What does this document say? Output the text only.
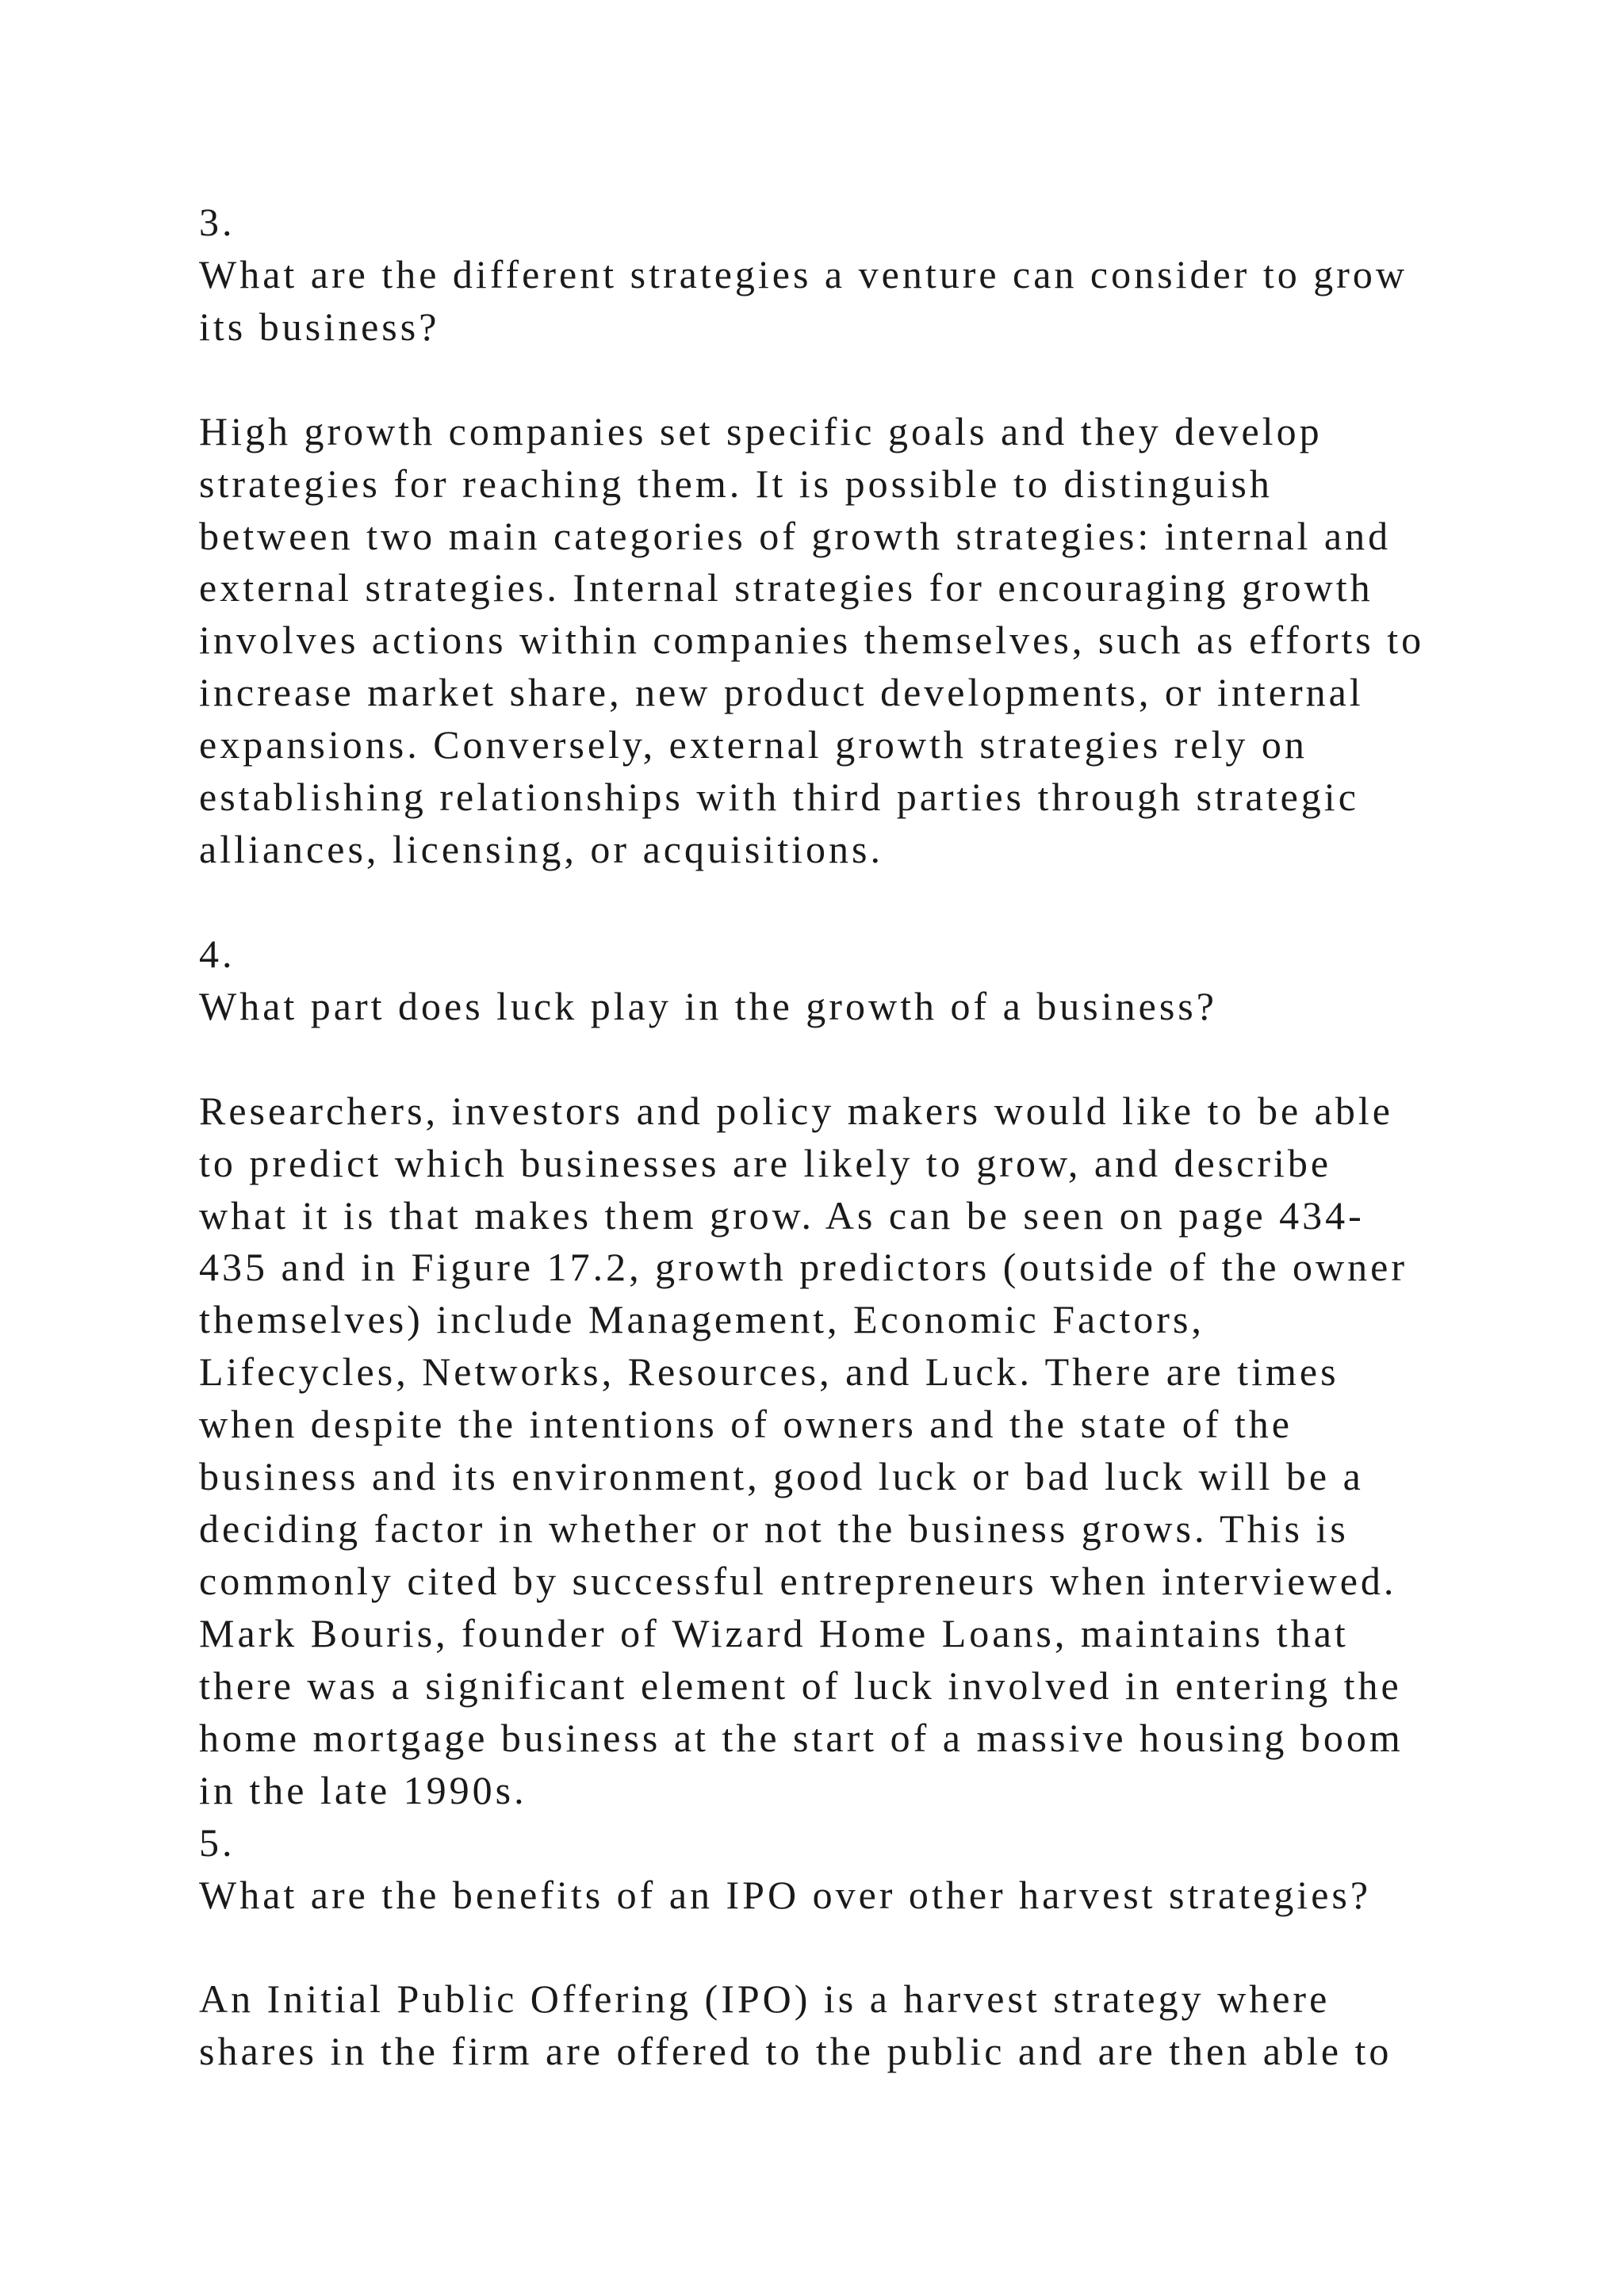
3.
What are the different strategies a venture can consider to grow
its business?
High growth companies set specific goals and they develop
strategies for reaching them. It is possible to distinguish
between two main categories of growth strategies: internal and
external strategies. Internal strategies for encouraging growth
involves actions within companies themselves, such as efforts to
increase market share, new product developments, or internal
expansions. Conversely, external growth strategies rely on
establishing relationships with third parties through strategic
alliances, licensing, or acquisitions.
4.
What part does luck play in the growth of a business?
Researchers, investors and policy makers would like to be able
to predict which businesses are likely to grow, and describe
what it is that makes them grow. As can be seen on page 434-
435 and in Figure 17.2, growth predictors (outside of the owner
themselves) include Management, Economic Factors,
Lifecycles, Networks, Resources, and Luck. There are times
when despite the intentions of owners and the state of the
business and its environment, good luck or bad luck will be a
deciding factor in whether or not the business grows. This is
commonly cited by successful entrepreneurs when interviewed.
Mark Bouris, founder of Wizard Home Loans, maintains that
there was a significant element of luck involved in entering the
home mortgage business at the start of a massive housing boom
in the late 1990s.
5.
What are the benefits of an IPO over other harvest strategies?
An Initial Public Offering (IPO) is a harvest strategy where
shares in the firm are offered to the public and are then able to
